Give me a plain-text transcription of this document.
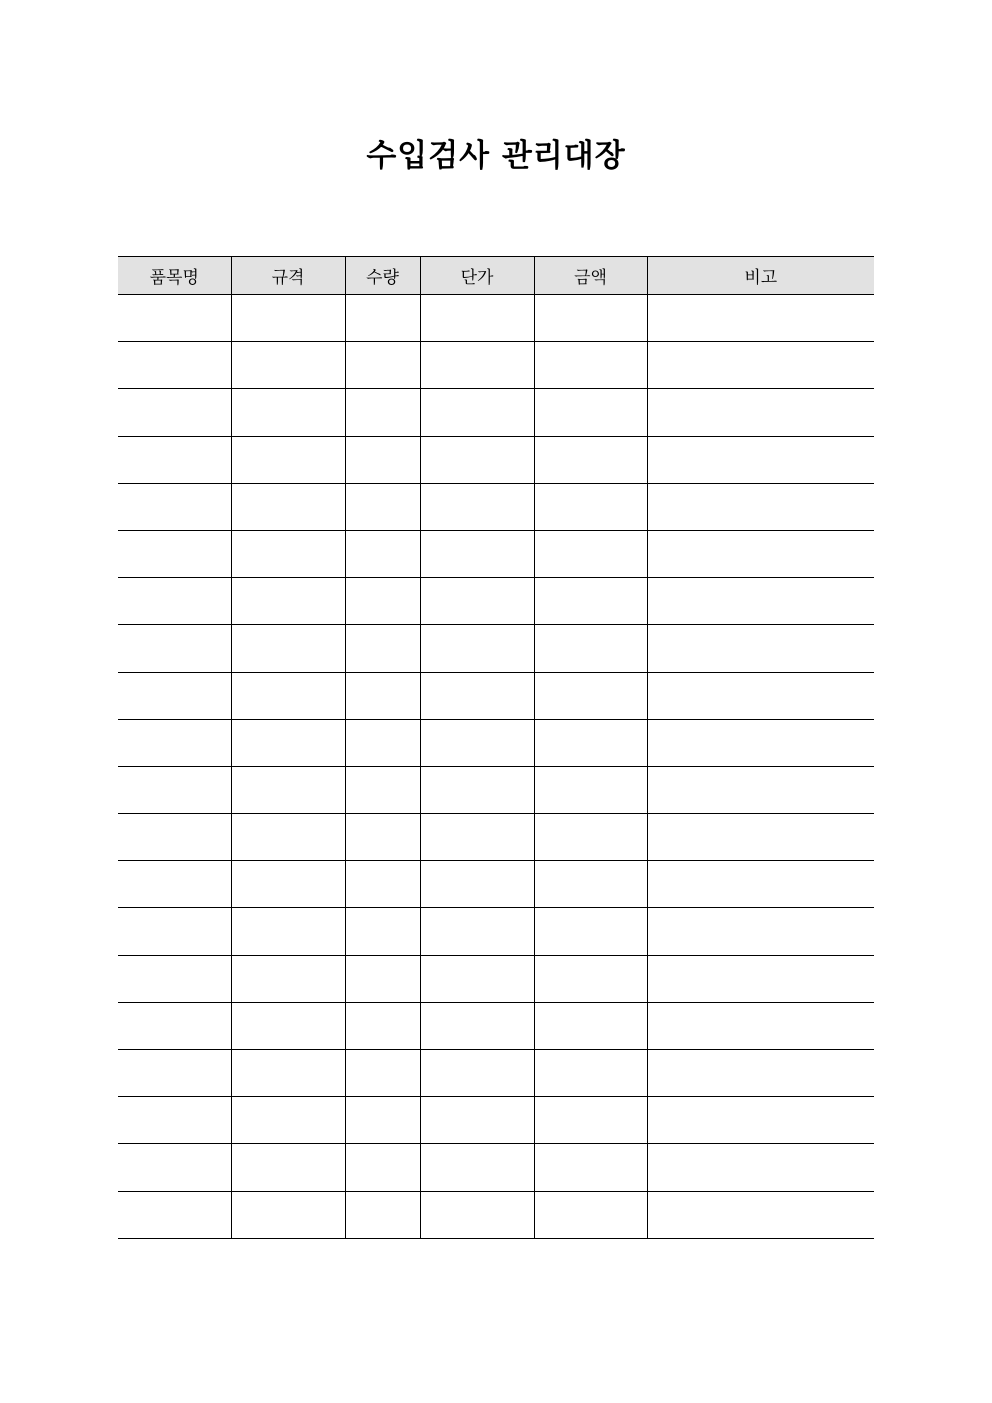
수입검사 관리대장
품목명	규격	수량	단가	금액	비고
